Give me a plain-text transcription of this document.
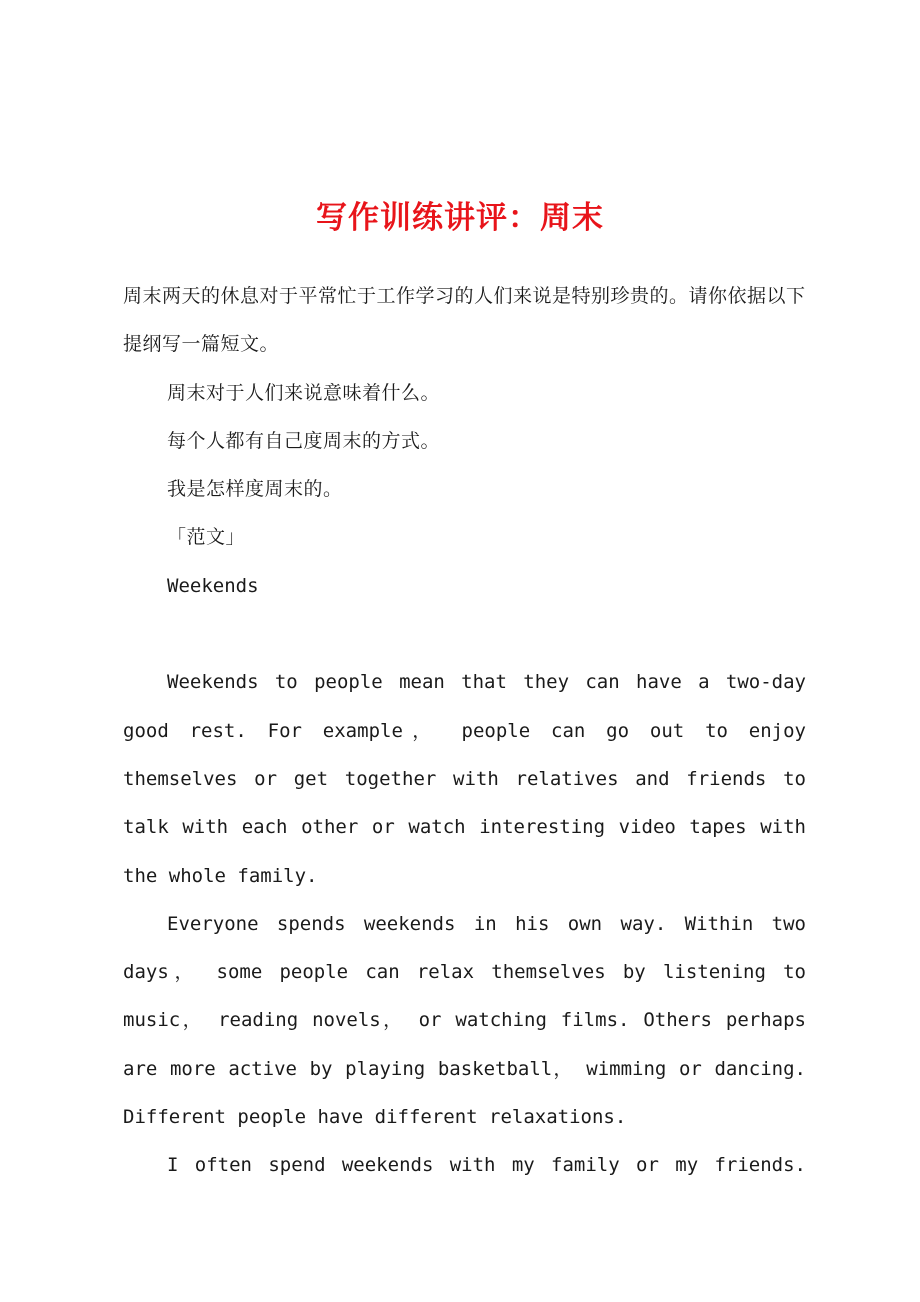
写作训练讲评：周末

周末两天的休息对于平常忙于工作学习的人们来说是特别珍贵的。请你依据以下提纲写一篇短文。

周末对于人们来说意味着什么。

每个人都有自己度周末的方式。

我是怎样度周末的。

「范文」

Weekends

Weekends to people mean that they can have a two-day good rest. For example， people can go out to enjoy themselves or get together with relatives and friends to talk with each other or watch interesting video tapes with the whole family.

Everyone spends weekends in his own way. Within two days， some people can relax themselves by listening to music， reading novels， or watching films. Others perhaps are more active by playing basketball， wimming or dancing. Different people have different relaxations.

I often spend weekends with my family or my friends.
